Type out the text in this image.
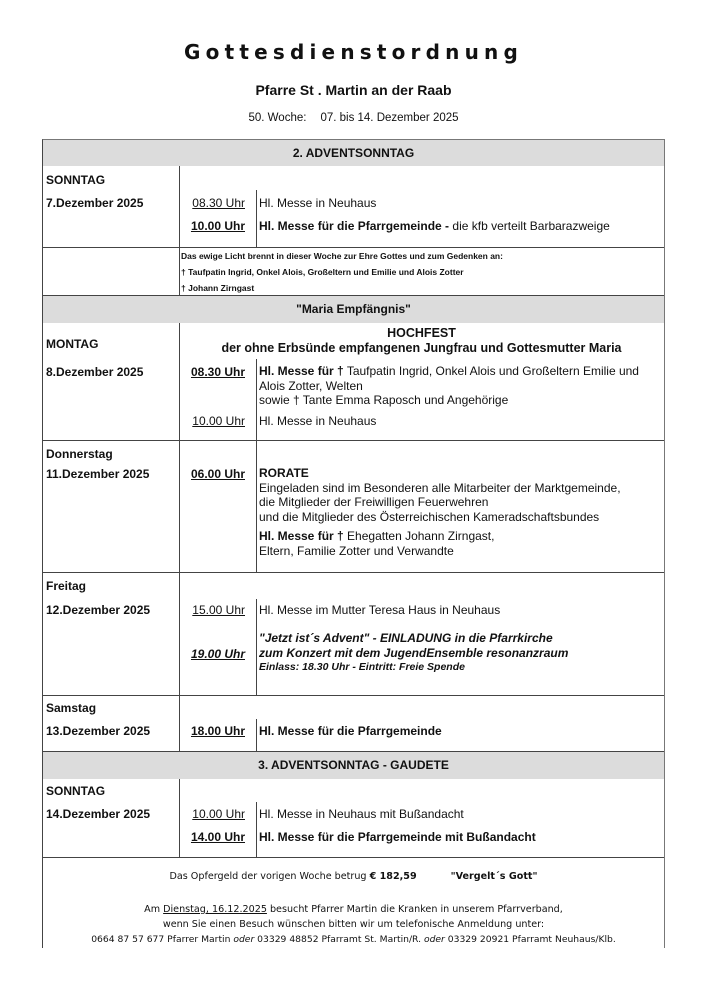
Gottesdienstordnung
Pfarre St . Martin an der Raab
50. Woche: 07. bis 14. Dezember 2025
2. ADVENTSONNTAG
SONNTAG
7.Dezember 2025	08.30 Uhr Hl. Messe in Neuhaus
10.00 Uhr Hl. Messe für die Pfarrgemeinde - die kfb verteilt Barbarazweige
Das ewige Licht brennt in dieser Woche zur Ehre Gottes und zum Gedenken an:
† Taufpatin Ingrid, Onkel Alois, Großeltern und Emilie und Alois Zotter
† Johann Zirngast
"Maria Empfängnis"
HOCHFEST
der ohne Erbsünde empfangenen Jungfrau und Gottesmutter Maria
MONTAG
8.Dezember 2025	08.30 Uhr Hl. Messe für † Taufpatin Ingrid, Onkel Alois und Großeltern Emilie und
Alois Zotter, Welten
sowie † Tante Emma Raposch und Angehörige
10.00 Uhr Hl. Messe in Neuhaus
Donnerstag
11.Dezember 2025	06.00 Uhr RORATE
Eingeladen sind im Besonderen alle Mitarbeiter der Marktgemeinde,
die Mitglieder der Freiwilligen Feuerwehren
und die Mitglieder des Österreichischen Kameradschaftsbundes
Hl. Messe für † Ehegatten Johann Zirngast,
Eltern, Familie Zotter und Verwandte
Freitag
12.Dezember 2025	15.00 Uhr Hl. Messe im Mutter Teresa Haus in Neuhaus
19.00 Uhr
"Jetzt ist´s Advent" - EINLADUNG in die Pfarrkirche
zum Konzert mit dem JugendEnsemble resonanzraum
Einlass: 18.30 Uhr - Eintritt: Freie Spende
Samstag
13.Dezember 2025	18.00 Uhr Hl. Messe für die Pfarrgemeinde
3. ADVENTSONNTAG - GAUDETE
SONNTAG
14.Dezember 2025	10.00 Uhr Hl. Messe in Neuhaus mit Bußandacht
14.00 Uhr Hl. Messe für die Pfarrgemeinde mit Bußandacht
Das Opfergeld der vorigen Woche betrug € 182,59	"Vergelt´s Gott"
Am Dienstag, 16.12.2025 besucht Pfarrer Martin die Kranken in unserem Pfarrverband,
wenn Sie einen Besuch wünschen bitten wir um telefonische Anmeldung unter:
0664 87 57 677 Pfarrer Martin oder 03329 48852 Pfarramt St. Martin/R. oder 03329 20921 Pfarramt Neuhaus/Klb.
